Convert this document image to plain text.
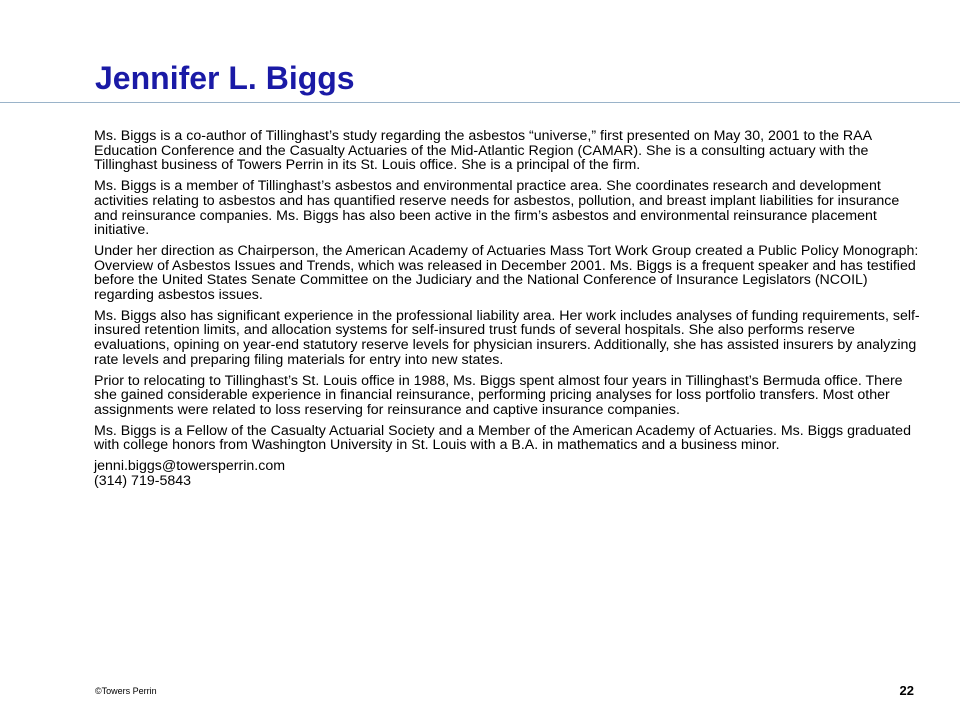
Jennifer L. Biggs

Ms. Biggs is a co-author of Tillinghast’s study regarding the asbestos “universe,” first presented on May 30, 2001 to the RAA Education Conference and the Casualty Actuaries of the Mid-Atlantic Region (CAMAR). She is a consulting actuary with the Tillinghast business of Towers Perrin in its St. Louis office. She is a principal of the firm.

Ms. Biggs is a member of Tillinghast’s asbestos and environmental practice area. She coordinates research and development activities relating to asbestos and has quantified reserve needs for asbestos, pollution, and breast implant liabilities for insurance and reinsurance companies. Ms. Biggs has also been active in the firm’s asbestos and environmental reinsurance placement initiative.

Under her direction as Chairperson, the American Academy of Actuaries Mass Tort Work Group created a Public Policy Monograph: Overview of Asbestos Issues and Trends, which was released in December 2001. Ms. Biggs is a frequent speaker and has testified before the United States Senate Committee on the Judiciary and the National Conference of Insurance Legislators (NCOIL) regarding asbestos issues.

Ms. Biggs also has significant experience in the professional liability area. Her work includes analyses of funding requirements, self-insured retention limits, and allocation systems for self-insured trust funds of several hospitals. She also performs reserve evaluations, opining on year-end statutory reserve levels for physician insurers. Additionally, she has assisted insurers by analyzing rate levels and preparing filing materials for entry into new states.

Prior to relocating to Tillinghast’s St. Louis office in 1988, Ms. Biggs spent almost four years in Tillinghast’s Bermuda office. There she gained considerable experience in financial reinsurance, performing pricing analyses for loss portfolio transfers. Most other assignments were related to loss reserving for reinsurance and captive insurance companies.

Ms. Biggs is a Fellow of the Casualty Actuarial Society and a Member of the American Academy of Actuaries. Ms. Biggs graduated with college honors from Washington University in St. Louis with a B.A. in mathematics and a business minor.

jenni.biggs@towersperrin.com
(314) 719-5843

©Towers Perrin	22
